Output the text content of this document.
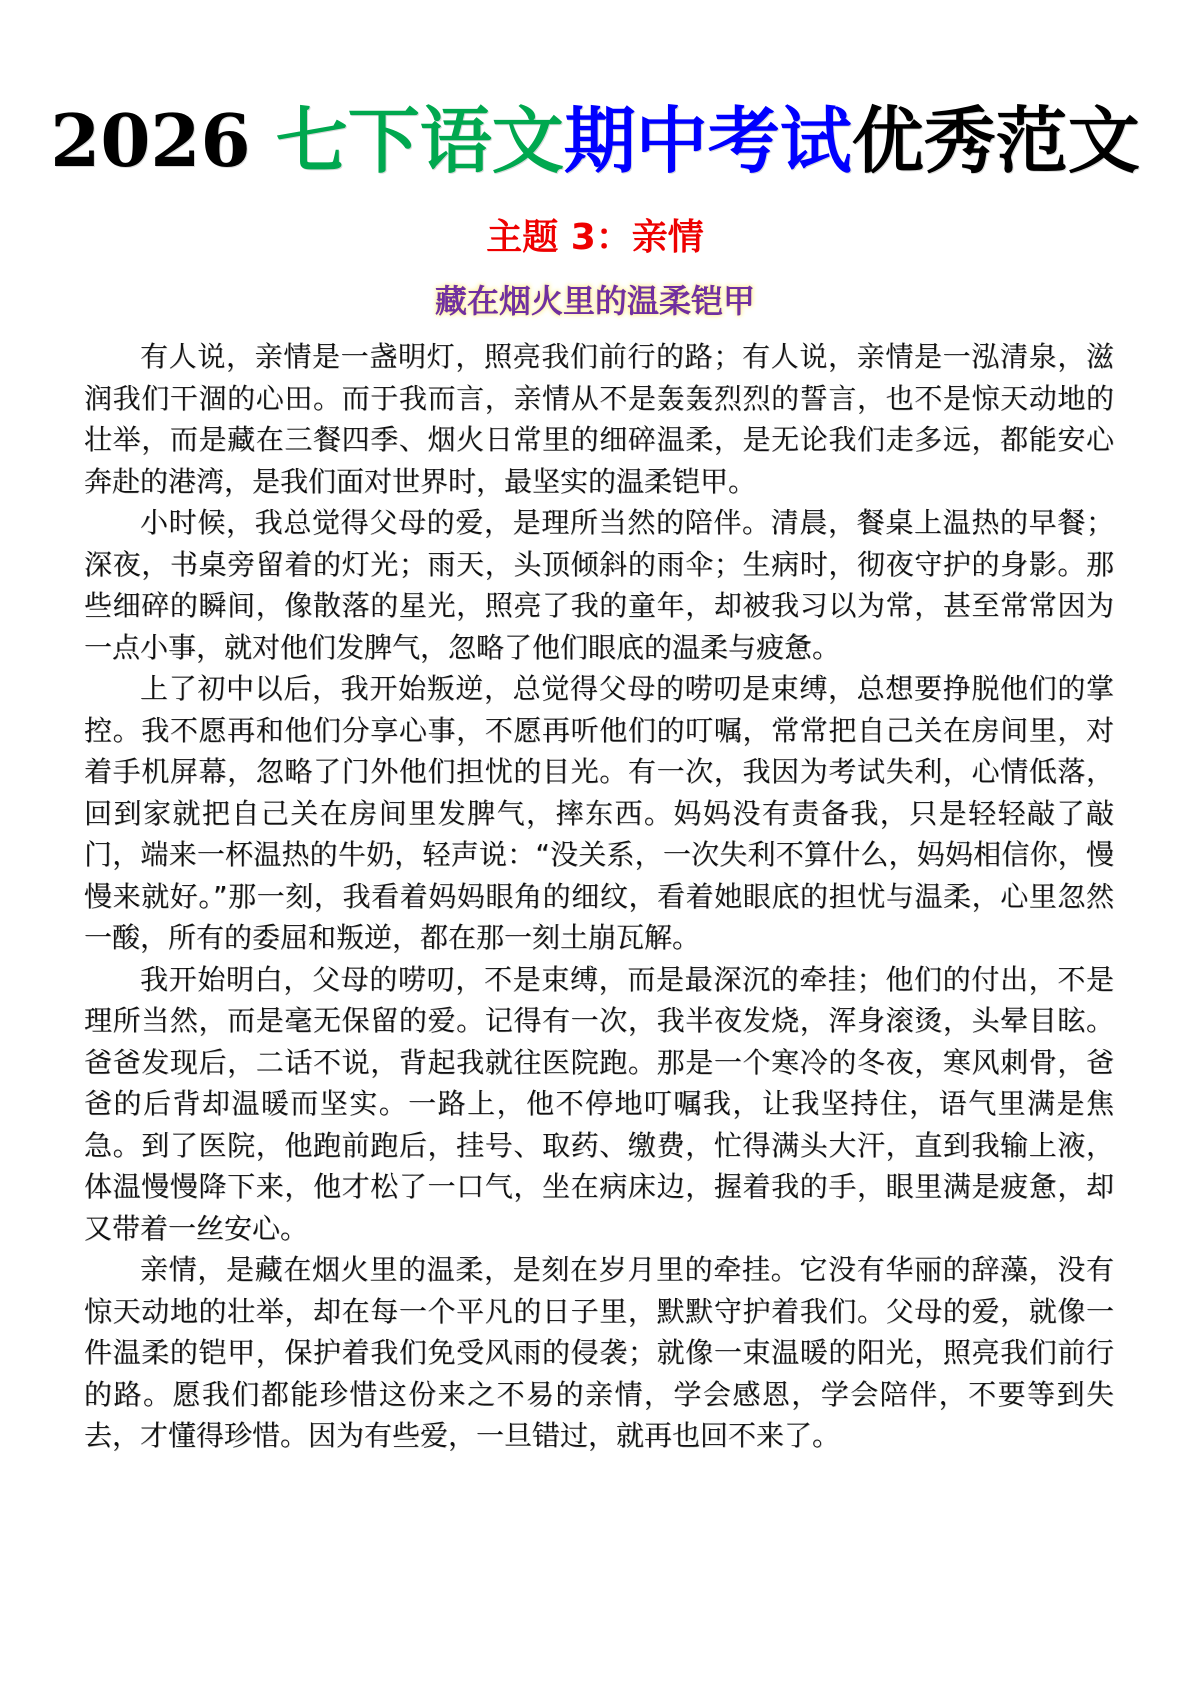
2026 七下语文期中考试优秀范文
主题 3：亲情
藏在烟火里的温柔铠甲

有人说，亲情是一盏明灯，照亮我们前行的路；有人说，亲情是一泓清泉，滋润我们干涸的心田。而于我而言，亲情从不是轰轰烈烈的誓言，也不是惊天动地的壮举，而是藏在三餐四季、烟火日常里的细碎温柔，是无论我们走多远，都能安心奔赴的港湾，是我们面对世界时，最坚实的温柔铠甲。

小时候，我总觉得父母的爱，是理所当然的陪伴。清晨，餐桌上温热的早餐；深夜，书桌旁留着的灯光；雨天，头顶倾斜的雨伞；生病时，彻夜守护的身影。那些细碎的瞬间，像散落的星光，照亮了我的童年，却被我习以为常，甚至常常因为一点小事，就对他们发脾气，忽略了他们眼底的温柔与疲惫。

上了初中以后，我开始叛逆，总觉得父母的唠叨是束缚，总想要挣脱他们的掌控。我不愿再和他们分享心事，不愿再听他们的叮嘱，常常把自己关在房间里，对着手机屏幕，忽略了门外他们担忧的目光。有一次，我因为考试失利，心情低落，回到家就把自己关在房间里发脾气，摔东西。妈妈没有责备我，只是轻轻敲了敲门，端来一杯温热的牛奶，轻声说：“没关系，一次失利不算什么，妈妈相信你，慢慢来就好。”那一刻，我看着妈妈眼角的细纹，看着她眼底的担忧与温柔，心里忽然一酸，所有的委屈和叛逆，都在那一刻土崩瓦解。

我开始明白，父母的唠叨，不是束缚，而是最深沉的牵挂；他们的付出，不是理所当然，而是毫无保留的爱。记得有一次，我半夜发烧，浑身滚烫，头晕目眩。爸爸发现后，二话不说，背起我就往医院跑。那是一个寒冷的冬夜，寒风刺骨，爸爸的后背却温暖而坚实。一路上，他不停地叮嘱我，让我坚持住，语气里满是焦急。到了医院，他跑前跑后，挂号、取药、缴费，忙得满头大汗，直到我输上液，体温慢慢降下来，他才松了一口气，坐在病床边，握着我的手，眼里满是疲惫，却又带着一丝安心。

亲情，是藏在烟火里的温柔，是刻在岁月里的牵挂。它没有华丽的辞藻，没有惊天动地的壮举，却在每一个平凡的日子里，默默守护着我们。父母的爱，就像一件温柔的铠甲，保护着我们免受风雨的侵袭；就像一束温暖的阳光，照亮我们前行的路。愿我们都能珍惜这份来之不易的亲情，学会感恩，学会陪伴，不要等到失去，才懂得珍惜。因为有些爱，一旦错过，就再也回不来了。
